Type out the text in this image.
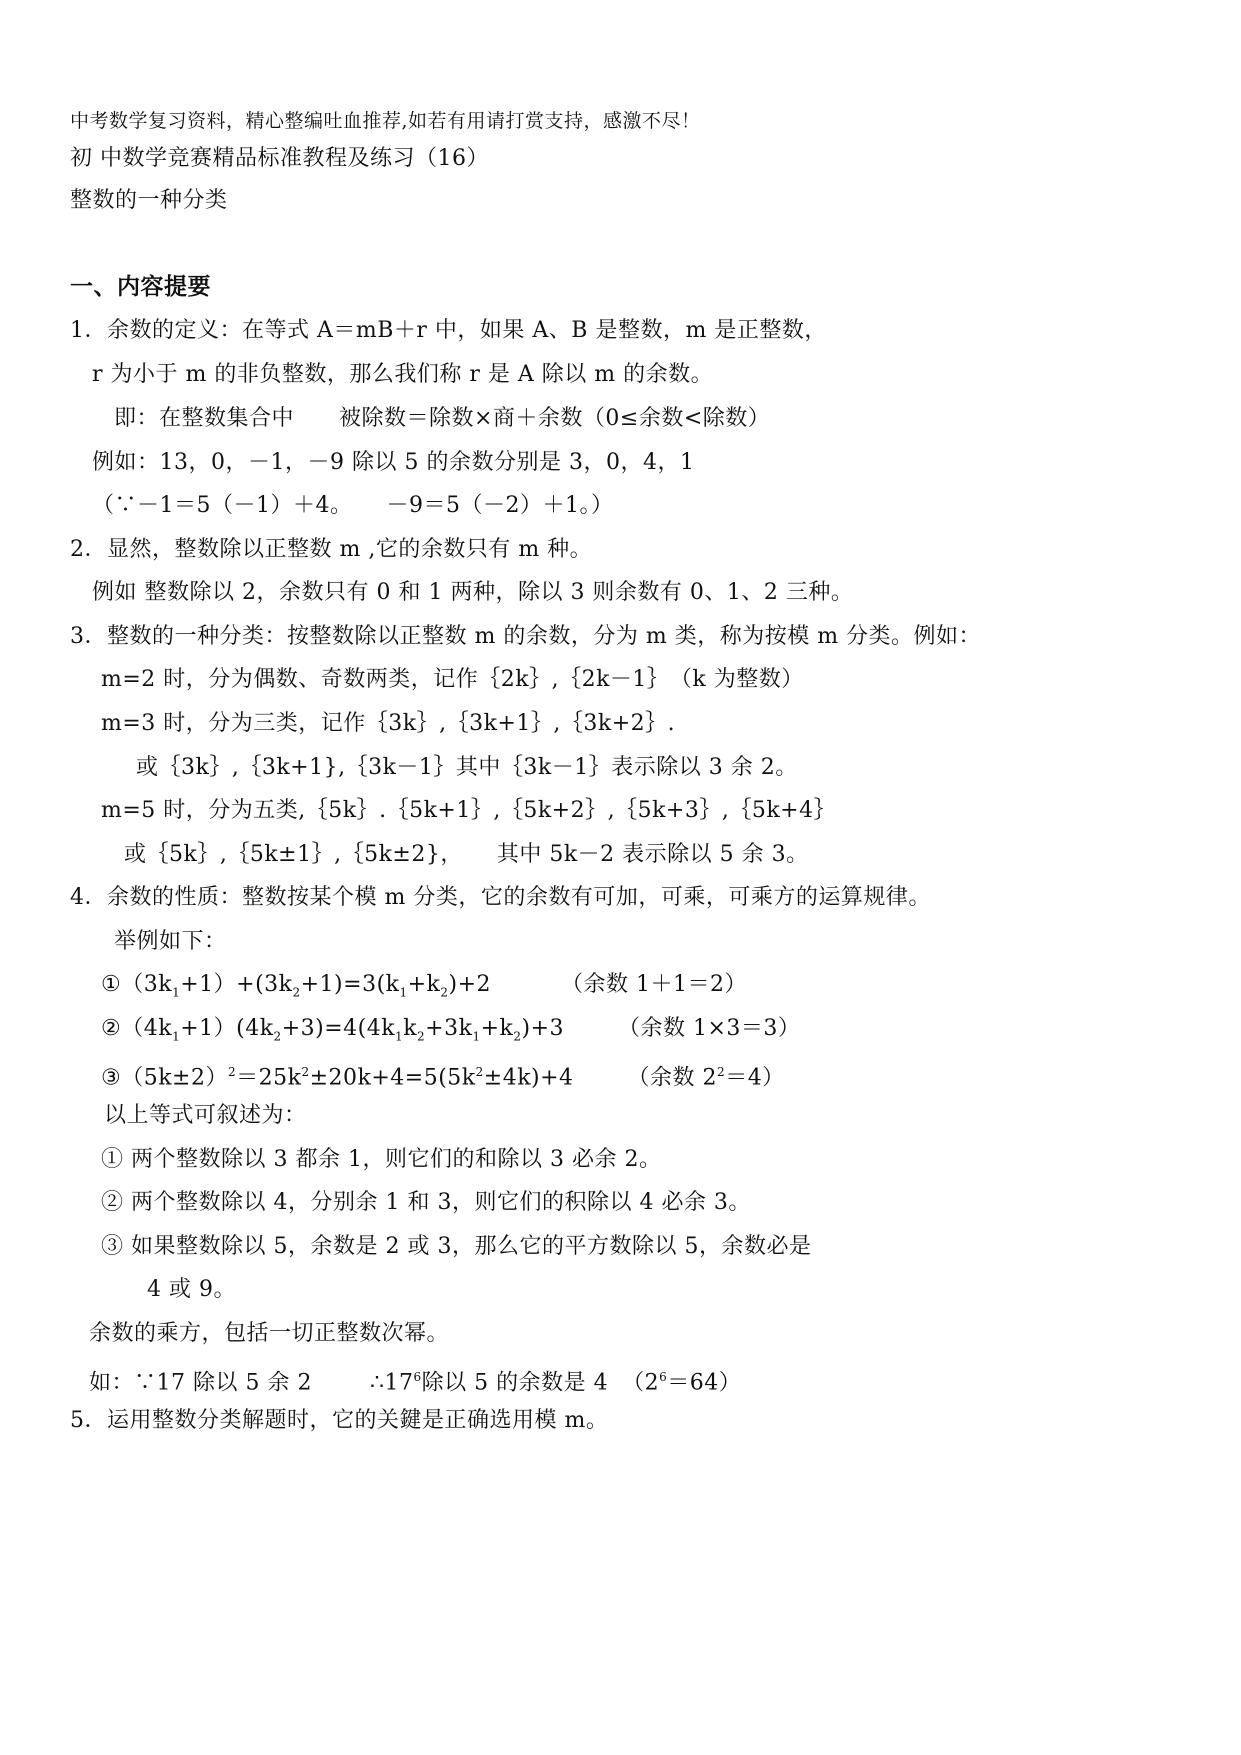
中考数学复习资料，精心整编吐血推荐,如若有用请打赏支持，感激不尽！
初 中数学竞赛精品标准教程及练习（16）
整数的一种分类
一、内容提要
1．余数的定义：在等式 A＝mB＋r 中，如果 A、B 是整数，m 是正整数，
r 为小于 m 的非负整数，那么我们称 r 是 A 除以 m 的余数。
即：在整数集合中　　被除数＝除数×商＋余数（0≤余数<除数）
例如：13，0，－1，－9 除以 5 的余数分别是 3，0，4，1
（∵－1＝5（－1）＋4。　　－9＝5（－2）＋1。）
2．显然，整数除以正整数 m ,它的余数只有 m 种。
例如 整数除以 2，余数只有 0 和 1 两种，除以 3 则余数有 0、1、2 三种。
3．整数的一种分类：按整数除以正整数 m 的余数，分为 m 类，称为按模 m 分类。例如：
m=2 时，分为偶数、奇数两类，记作｛2k｝,｛2k－1｝　（k 为整数）
m=3 时，分为三类，记作｛3k｝,｛3k+1｝,｛3k+2｝.
或｛3k｝,｛3k+1},｛3k－1｝其中｛3k－1｝表示除以 3 余 2。
m=5 时，分为五类,｛5k｝.｛5k+1｝,｛5k+2｝,｛5k+3｝,｛5k+4｝
或｛5k｝,｛5k±1｝,｛5k±2}，　　其中 5k－2 表示除以 5 余 3。
4．余数的性质：整数按某个模 m 分类，它的余数有可加，可乘，可乘方的运算规律。
举例如下：
$①(3k_1+1)+(3k_2+1)=3(k_1+k_2)+2$	（余数 1＋1＝2）
$②(4k_1+1)(4k_2+3)=4(4k_1k_2+3k_1+k_2)+3$ （余数 1×3＝3）
$③(5k\pm 2)^2=25k^2\pm 20k+4=5(5k^2\pm 4k)+4$ （余数 $2^2=4$）
以上等式可叙述为：
① 两个整数除以 3 都余 1，则它们的和除以 3 必余 2。
② 两个整数除以 4，分别余 1 和 3，则它们的积除以 4 必余 3。
③ 如果整数除以 5，余数是 2 或 3，那么它的平方数除以 5，余数必是
4 或 9。
余数的乘方，包括一切正整数次幂。
如：∵17 除以 5 余 2	$\therefore 17^6$除以 5 的余数是 4 $(2^6=64)$
5．运用整数分类解题时，它的关鍵是正确选用模 m。
